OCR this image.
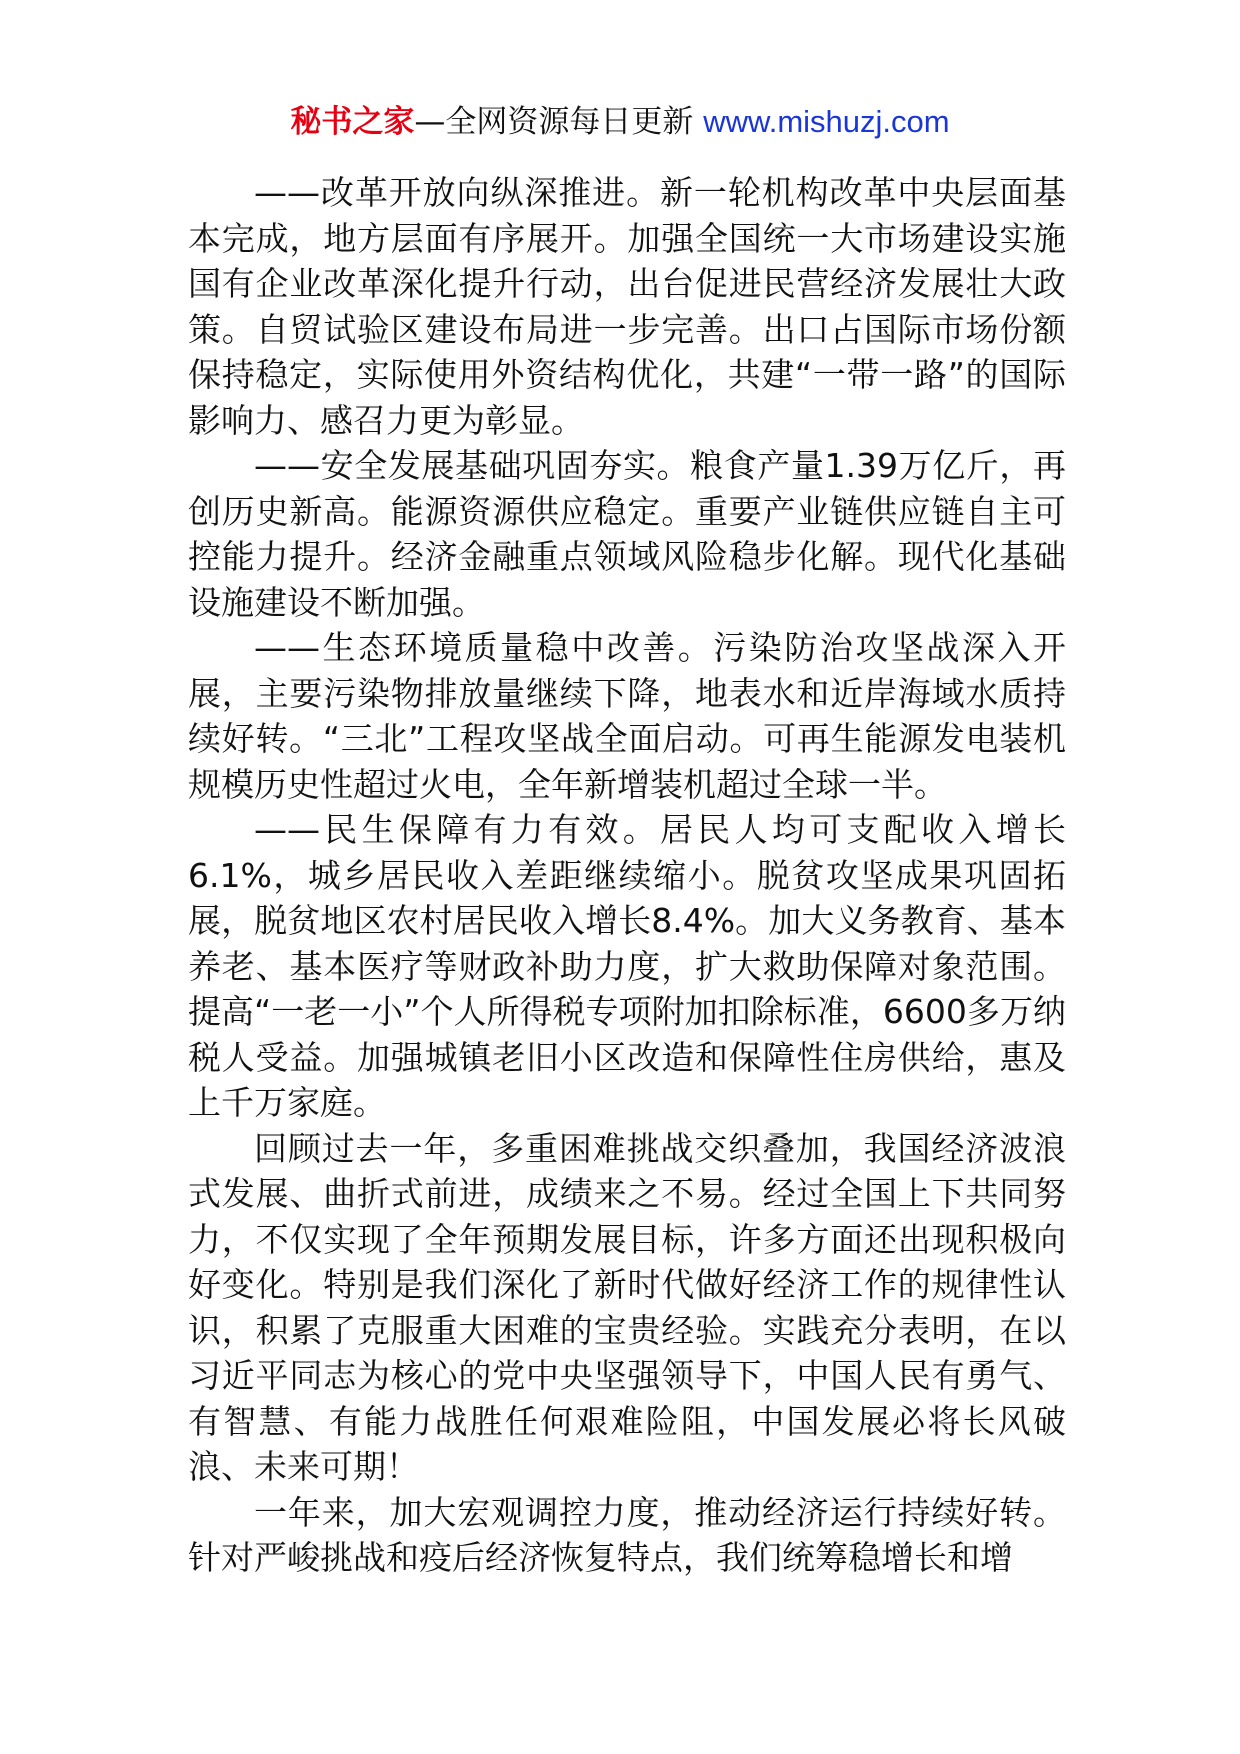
秘书之家—全网资源每日更新 www.mishuzj.com

——改革开放向纵深推进。新一轮机构改革中央层面基本完成，地方层面有序展开。加强全国统一大市场建设实施国有企业改革深化提升行动，出台促进民营经济发展壮大政策。自贸试验区建设布局进一步完善。出口占国际市场份额保持稳定，实际使用外资结构优化，共建“一带一路”的国际影响力、感召力更为彰显。

——安全发展基础巩固夯实。粮食产量1.39万亿斤，再创历史新高。能源资源供应稳定。重要产业链供应链自主可控能力提升。经济金融重点领域风险稳步化解。现代化基础设施建设不断加强。

——生态环境质量稳中改善。污染防治攻坚战深入开展，主要污染物排放量继续下降，地表水和近岸海域水质持续好转。“三北”工程攻坚战全面启动。可再生能源发电装机规模历史性超过火电，全年新增装机超过全球一半。

——民生保障有力有效。居民人均可支配收入增长6.1%，城乡居民收入差距继续缩小。脱贫攻坚成果巩固拓展，脱贫地区农村居民收入增长8.4%。加大义务教育、基本养老、基本医疗等财政补助力度，扩大救助保障对象范围。提高“一老一小”个人所得税专项附加扣除标准，6600多万纳税人受益。加强城镇老旧小区改造和保障性住房供给，惠及上千万家庭。

回顾过去一年，多重困难挑战交织叠加，我国经济波浪式发展、曲折式前进，成绩来之不易。经过全国上下共同努力，不仅实现了全年预期发展目标，许多方面还出现积极向好变化。特别是我们深化了新时代做好经济工作的规律性认识，积累了克服重大困难的宝贵经验。实践充分表明，在以习近平同志为核心的党中央坚强领导下，中国人民有勇气、有智慧、有能力战胜任何艰难险阻，中国发展必将长风破浪、未来可期！

一年来，加大宏观调控力度，推动经济运行持续好转。针对严峻挑战和疫后经济恢复特点，我们统筹稳增长和增
